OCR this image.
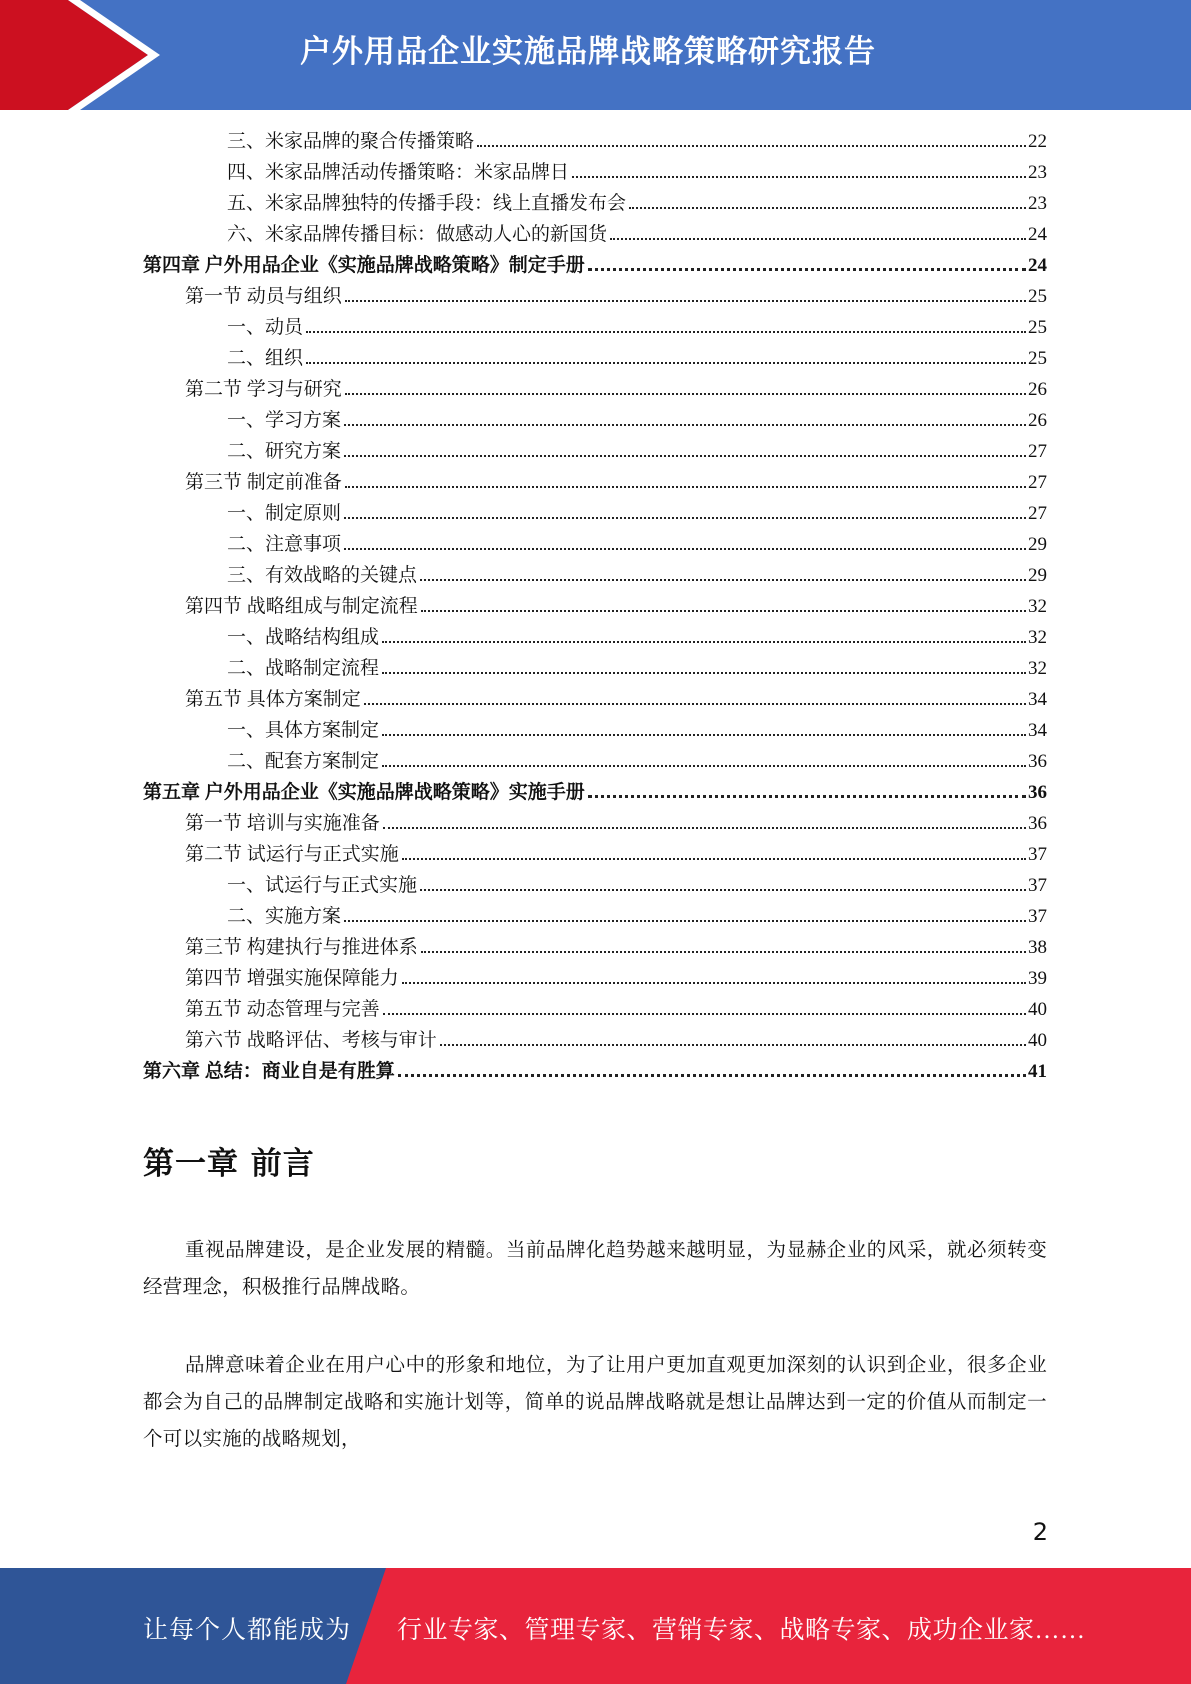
户外用品企业实施品牌战略策略研究报告
三、米家品牌的聚合传播策略	22
四、米家品牌活动传播策略：米家品牌日	23
五、米家品牌独特的传播手段：线上直播发布会	23
六、米家品牌传播目标：做感动人心的新国货	24
第四章 户外用品企业《实施品牌战略策略》制定手册	24
第一节 动员与组织	25
一、动员	25
二、组织	25
第二节 学习与研究	26
一、学习方案	26
二、研究方案	27
第三节 制定前准备	27
一、制定原则	27
二、注意事项	29
三、有效战略的关键点	29
第四节 战略组成与制定流程	32
一、战略结构组成	32
二、战略制定流程	32
第五节 具体方案制定	34
一、具体方案制定	34
二、配套方案制定	36
第五章 户外用品企业《实施品牌战略策略》实施手册	36
第一节 培训与实施准备	36
第二节 试运行与正式实施	37
一、试运行与正式实施	37
二、实施方案	37
第三节 构建执行与推进体系	38
第四节 增强实施保障能力	39
第五节 动态管理与完善	40
第六节 战略评估、考核与审计	40
第六章 总结：商业自是有胜算	41
第一章 前言

重视品牌建设，是企业发展的精髓。当前品牌化趋势越来越明显，为显赫企业的风采，就必须转变经营理念，积极推行品牌战略。

品牌意味着企业在用户心中的形象和地位，为了让用户更加直观更加深刻的认识到企业，很多企业都会为自己的品牌制定战略和实施计划等，简单的说品牌战略就是想让品牌达到一定的价值从而制定一个可以实施的战略规划，

2
让每个人都能成为 行业专家、管理专家、营销专家、战略专家、成功企业家……
